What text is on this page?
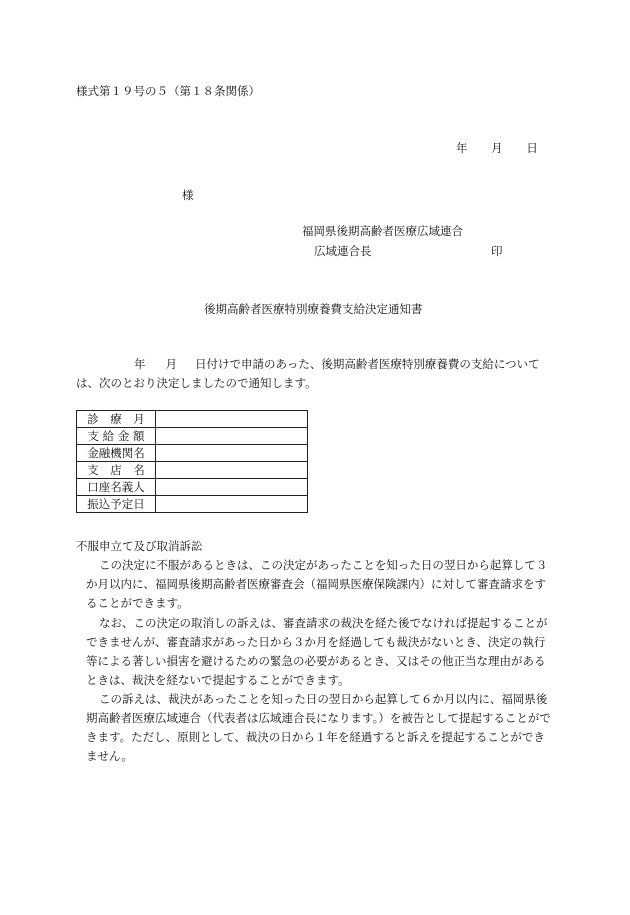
様式第１９号の５（第１８条関係）
年 月 日
様
福岡県後期高齢者医療広域連合
広域連合長	印
後期高齢者医療特別療養費支給決定通知書

年 月 日付けで申請のあった、後期高齢者医療特別療養費の支給については、次のとおり決定しましたので通知します。

診　療　月	
支 給 金 額	
金融機関名	
支　店　名	
口座名義人	
振込予定日	
不服申立て及び取消訴訟

この決定に不服があるときは、この決定があったことを知った日の翌日から起算して３か月以内に、福岡県後期高齢者医療審査会（福岡県医療保険課内）に対して審査請求をすることができます。

なお、この決定の取消しの訴えは、審査請求の裁決を経た後でなければ提起することができませんが、審査請求があった日から３か月を経過しても裁決がないとき、決定の執行等による著しい損害を避けるための緊急の必要があるとき、又はその他正当な理由があるときは、裁決を経ないで提起することができます。

この訴えは、裁決があったことを知った日の翌日から起算して６か月以内に、福岡県後期高齢者医療広域連合（代表者は広域連合長になります。）を被告として提起することができます。ただし、原則として、裁決の日から１年を経過すると訴えを提起することができません。
